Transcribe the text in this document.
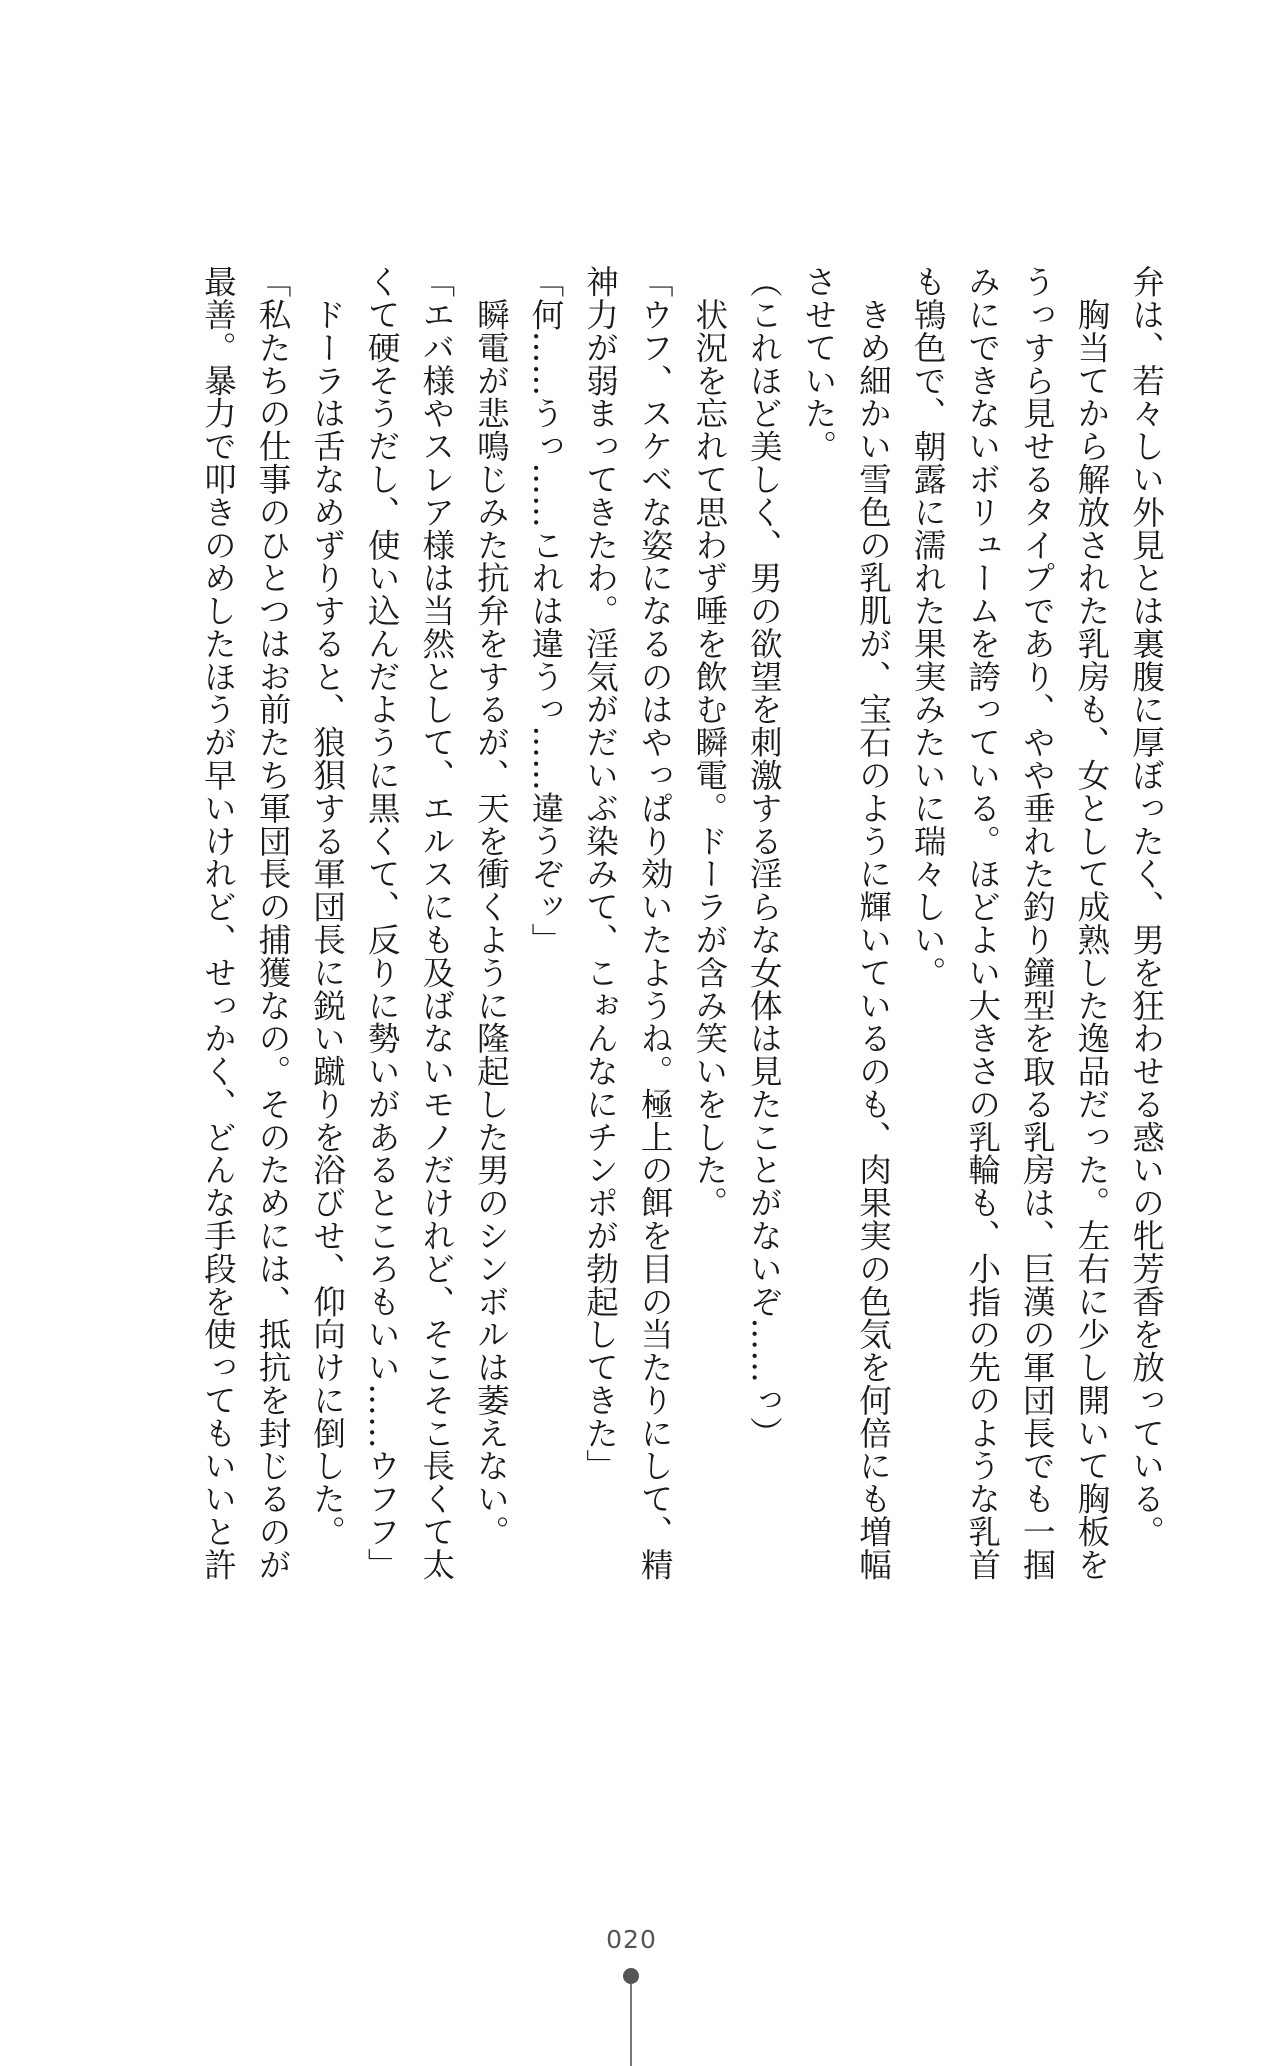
弁は、若々しい外見とは裏腹に厚ぼったく、男を狂わせる惑いの牝芳香を放っている。
　胸当てから解放された乳房も、女として成熟した逸品だった。左右に少し開いて胸板を
うっすら見せるタイプであり、やや垂れた釣り鐘型を取る乳房は、巨漢の軍団長でも一掴
みにできないボリュームを誇っている。ほどよい大きさの乳輪も、小指の先のような乳首
も鴇色で、朝露に濡れた果実みたいに瑞々しい。
　きめ細かい雪色の乳肌が、宝石のように輝いているのも、肉果実の色気を何倍にも増幅
させていた。
（これほど美しく、男の欲望を刺激する淫らな女体は見たことがないぞ……っ）
　状況を忘れて思わず唾を飲む瞬電。ドーラが含み笑いをした。
「ウフ、スケベな姿になるのはやっぱり効いたようね。極上の餌を目の当たりにして、精
神力が弱まってきたわ。淫気がだいぶ染みて、こぉんなにチンポが勃起してきた」
「何……うっ……これは違うっ……違うぞッ」
　瞬電が悲鳴じみた抗弁をするが、天を衝くように隆起した男のシンボルは萎えない。
「エバ様やスレア様は当然として、エルスにも及ばないモノだけれど、そこそこ長くて太
くて硬そうだし、使い込んだように黒くて、反りに勢いがあるところもいい……ウフフ」
　ドーラは舌なめずりすると、狼狽する軍団長に鋭い蹴りを浴びせ、仰向けに倒した。
「私たちの仕事のひとつはお前たち軍団長の捕獲なの。そのためには、抵抗を封じるのが
最善。暴力で叩きのめしたほうが早いけれど、せっかく、どんな手段を使ってもいいと許
020
